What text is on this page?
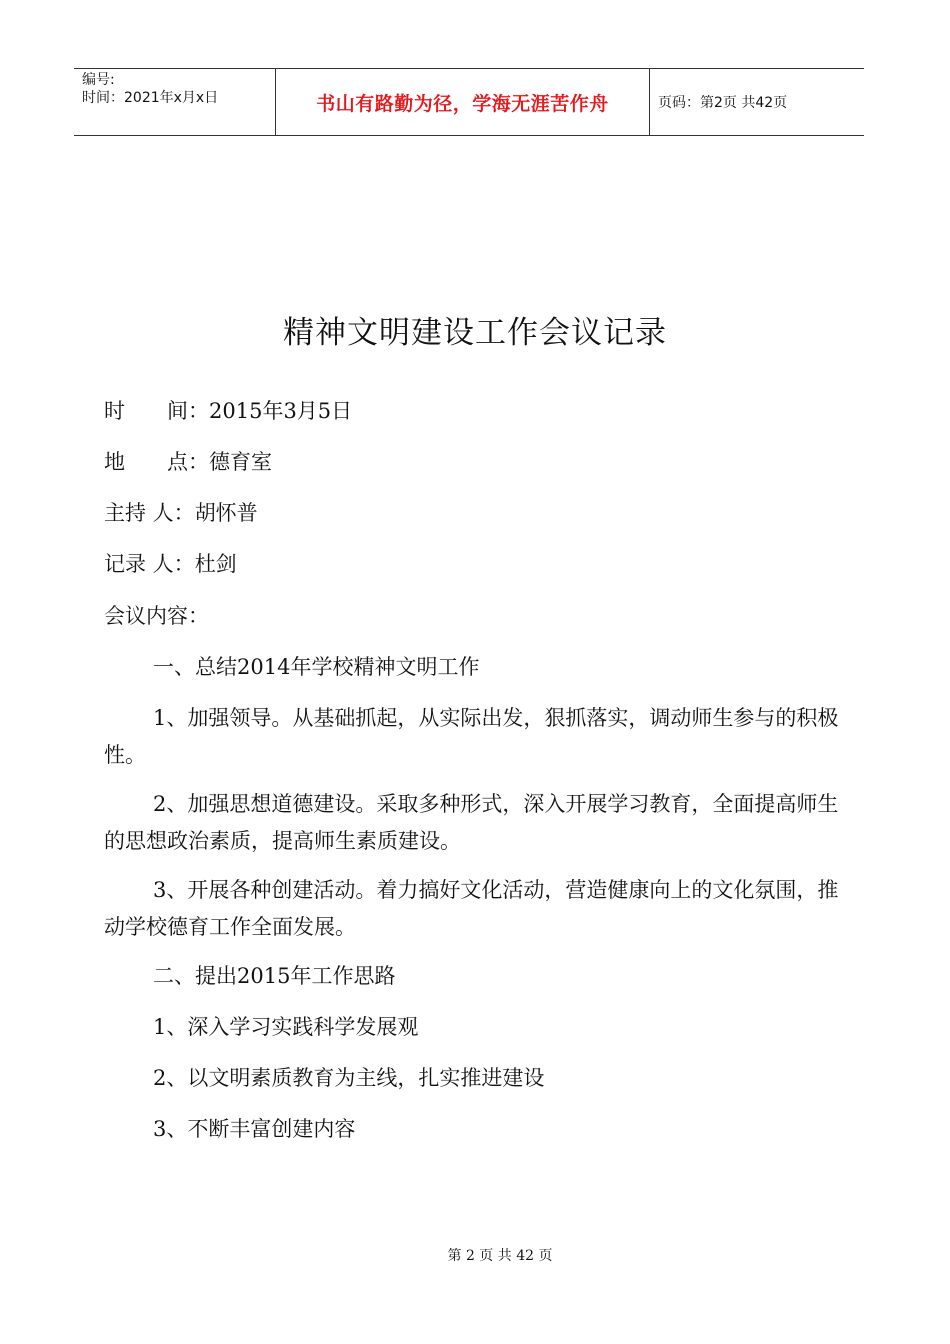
编号:
时间：2021年x月x日	书山有路勤为径，学海无涯苦作舟	页码：第2页 共42页
精神文明建设工作会议记录
时　　间：2015年3月5日
地　　点：德育室
主持 人：胡怀普
记录 人：杜剑
会议内容：
一、总结2014年学校精神文明工作
1、加强领导。从基础抓起，从实际出发，狠抓落实，调动师生参与的积极性。
2、加强思想道德建设。采取多种形式，深入开展学习教育，全面提高师生的思想政治素质，提高师生素质建设。
3、开展各种创建活动。着力搞好文化活动，营造健康向上的文化氛围，推动学校德育工作全面发展。
二、提出2015年工作思路
1、深入学习实践科学发展观
2、以文明素质教育为主线，扎实推进建设
3、不断丰富创建内容
第 2 页 共 42 页
